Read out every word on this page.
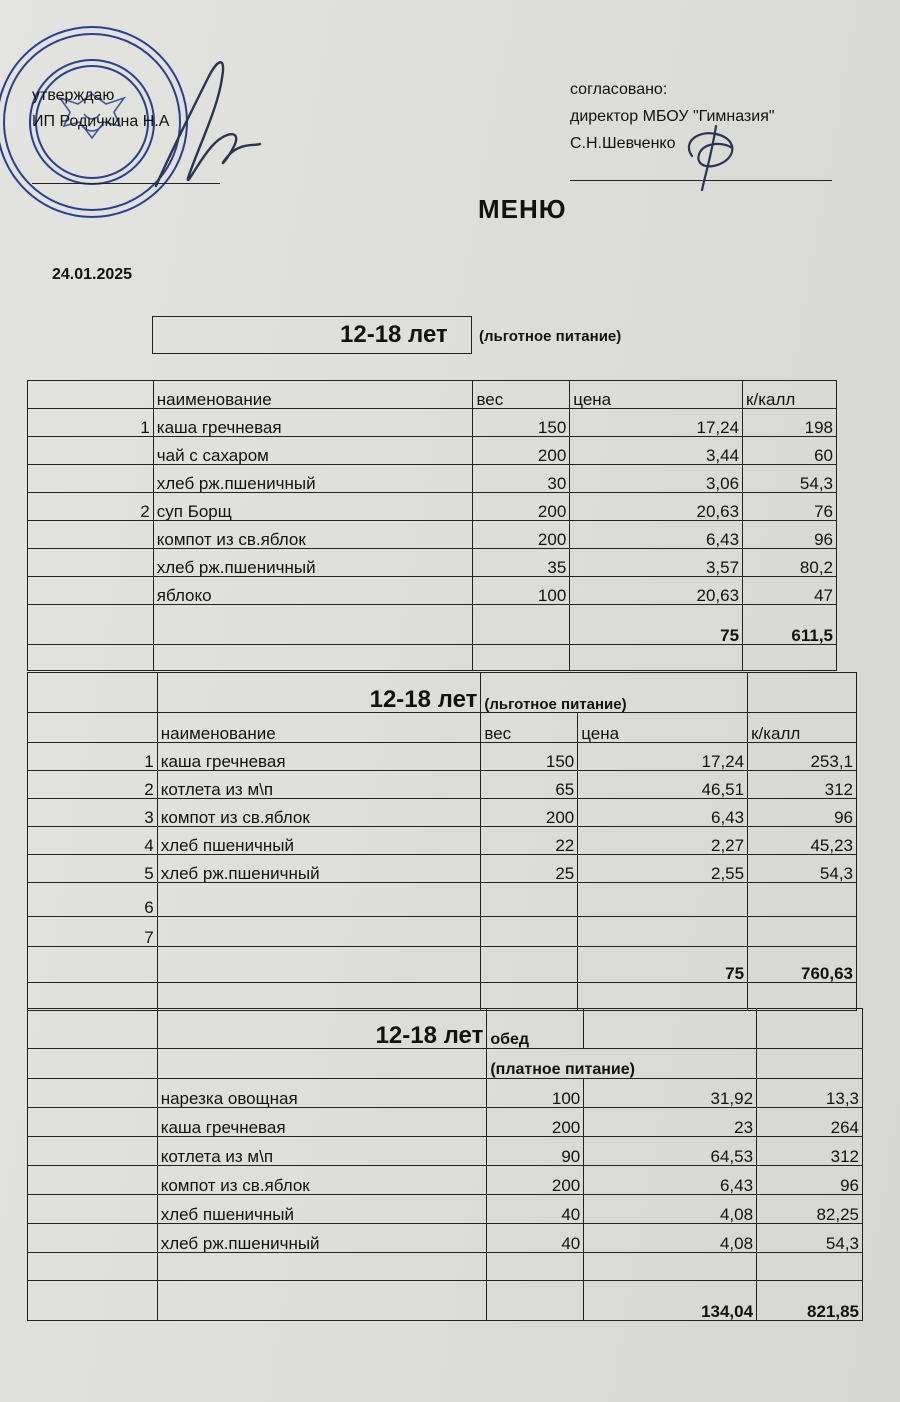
утверждаю
ИП Родичкина Н.А
согласовано:
директор МБОУ "Гимназия"
С.Н.Шевченко
МЕНЮ
24.01.2025
12-18 лет (льготное питание)
	наименование	вес	цена	к/калл
1	каша гречневая	150	17,24	198
	чай с сахаром	200	3,44	60
	хлеб рж.пшеничный	30	3,06	54,3
2	суп Борщ	200	20,63	76
	компот из св.яблок	200	6,43	96
	хлеб рж.пшеничный	35	3,57	80,2
	яблоко	100	20,63	47
			75	611,5

	12-18 лет	(льготное питание)		
	наименование	вес	цена	к/калл
1	каша гречневая	150	17,24	253,1
2	котлета из м\п	65	46,51	312
3	компот из св.яблок	200	6,43	96
4	хлеб пшеничный	22	2,27	45,23
5	хлеб рж.пшеничный	25	2,55	54,3
6				
7				
			75	760,63

	12-18 лет	обед		
		(платное питание)		
	нарезка овощная	100	31,92	13,3
	каша гречневая	200	23	264
	котлета из м\п	90	64,53	312
	компот из св.яблок	200	6,43	96
	хлеб пшеничный	40	4,08	82,25
	хлеб рж.пшеничный	40	4,08	54,3

			134,04	821,85
